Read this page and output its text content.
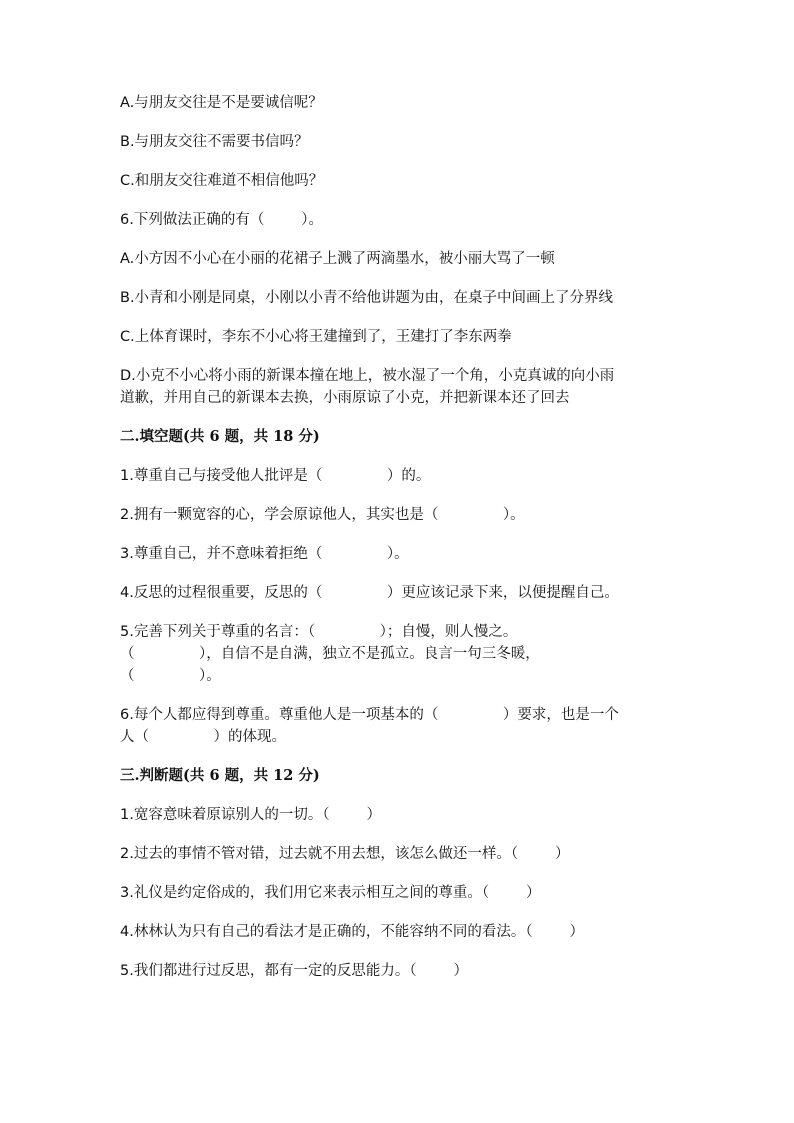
A.与朋友交往是不是要诚信呢？

B.与朋友交往不需要书信吗？

C.和朋友交往难道不相信他吗？

6.下列做法正确的有（        ）。

A.小方因不小心在小丽的花裙子上溅了两滴墨水，被小丽大骂了一顿

B.小青和小刚是同桌，小刚以小青不给他讲题为由，在桌子中间画上了分界线

C.上体育课时，李东不小心将王建撞到了，王建打了李东两拳

D.小克不小心将小雨的新课本撞在地上，被水湿了一个角，小克真诚的向小雨

道歉，并用自己的新课本去换，小雨原谅了小克，并把新课本还了回去

二.填空题(共 6 题，共 18 分)

1.尊重自己与接受他人批评是（              ）的。

2.拥有一颗宽容的心，学会原谅他人，其实也是（              ）。

3.尊重自己，并不意味着拒绝（              ）。

4.反思的过程很重要，反思的（              ）更应该记录下来，以便提醒自己。

5.完善下列关于尊重的名言：（              ）；自慢，则人慢之。

（              ），自信不是自满，独立不是孤立。良言一句三冬暖，

（              ）。

6.每个人都应得到尊重。尊重他人是一项基本的（              ）要求，也是一个

人（              ）的体现。

三.判断题(共 6 题，共 12 分)

1.宽容意味着原谅别人的一切。（        ）

2.过去的事情不管对错，过去就不用去想，该怎么做还一样。（        ）

3.礼仪是约定俗成的，我们用它来表示相互之间的尊重。（        ）

4.林林认为只有自己的看法才是正确的，不能容纳不同的看法。（        ）

5.我们都进行过反思，都有一定的反思能力。（        ）
